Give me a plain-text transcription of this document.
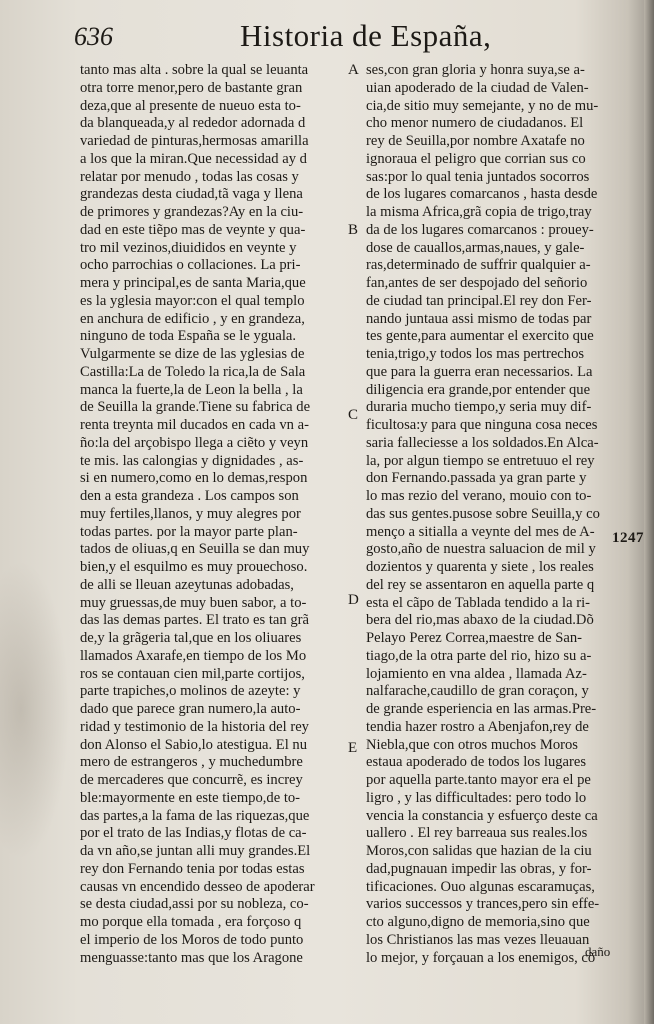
636	Historia de España,
tanto mas alta . sobre la qual se leuanta
otra torre menor,pero de bastante gran
deza,que al presente de nueuo esta to-
da blanqueada,y al rededor adornada d
variedad de pinturas,hermosas amarilla
a los que la miran.Que necessidad ay d
relatar por menudo , todas las cosas y
grandezas desta ciudad,tã vaga y llena
de primores y grandezas?Ay en la ciu-
dad en este tiẽpo mas de veynte y qua-
tro mil vezinos,diuididos en veynte y
ocho parrochias o collaciones. La pri-
mera y principal,es de santa Maria,que
es la yglesia mayor:con el qual templo
en anchura de edificio , y en grandeza,
ninguno de toda España se le yguala.
Vulgarmente se dize de las yglesias de
Castilla:La de Toledo la rica,la de Sala
manca la fuerte,la de Leon la bella , la
de Seuilla la grande.Tiene su fabrica de
renta treynta mil ducados en cada vn a-
ño:la del arçobispo llega a ciẽto y veyn
te mis. las calongias y dignidades , as-
si en numero,como en lo demas,respon
den a esta grandeza . Los campos son
muy fertiles,llanos, y muy alegres por
todas partes. por la mayor parte plan-
tados de oliuas,q en Seuilla se dan muy
bien,y el esquilmo es muy prouechoso.
de alli se lleuan azeytunas adobadas,
muy gruessas,de muy buen sabor, a to-
das las demas partes. El trato es tan grã
de,y la grãgeria tal,que en los oliuares
llamados Axarafe,en tiempo de los Mo
ros se contauan cien mil,parte cortijos,
parte trapiches,o molinos de azeyte: y
dado que parece gran numero,la auto-
ridad y testimonio de la historia del rey
don Alonso el Sabio,lo atestigua. El nu
mero de estrangeros , y muchedumbre
de mercaderes que concurrẽ, es increy
ble:mayormente en este tiempo,de to-
das partes,a la fama de las riquezas,que
por el trato de las Indias,y flotas de ca-
da vn año,se juntan alli muy grandes.El
rey don Fernando tenia por todas estas
causas vn encendido desseo de apoderar
se desta ciudad,assi por su nobleza, co-
mo porque ella tomada , era forçoso q
el imperio de los Moros de todo punto
menguasse:tanto mas que los Aragone
ses,con gran gloria y honra suya,se a-
uian apoderado de la ciudad de Valen-
cia,de sitio muy semejante, y no de mu-
cho menor numero de ciudadanos. El
rey de Seuilla,por nombre Axatafe no
ignoraua el peligro que corrian sus co
sas:por lo qual tenia juntados socorros
de los lugares comarcanos , hasta desde
la misma Africa,grã copia de trigo,tray
da de los lugares comarcanos : prouey-
dose de cauallos,armas,naues, y gale-
ras,determinado de suffrir qualquier a-
fan,antes de ser despojado del señorio
de ciudad tan principal.El rey don Fer-
nando juntaua assi mismo de todas par
tes gente,para aumentar el exercito que
tenia,trigo,y todos los mas pertrechos
que para la guerra eran necessarios. La
diligencia era grande,por entender que
duraria mucho tiempo,y seria muy dif-
ficultosa:y para que ninguna cosa neces
saria falleciesse a los soldados.En Alca-
la, por algun tiempo se entretuuo el rey
don Fernando.passada ya gran parte y
lo mas rezio del verano, mouio con to-
das sus gentes.pusose sobre Seuilla,y co
menço a sitialla a veynte del mes de A-
gosto,año de nuestra saluacion de mil y
dozientos y quarenta y siete , los reales
del rey se assentaron en aquella parte q
esta el cãpo de Tablada tendido a la ri-
bera del rio,mas abaxo de la ciudad.Dõ
Pelayo Perez Correa,maestre de San-
tiago,de la otra parte del rio, hizo su a-
lojamiento en vna aldea , llamada Az-
nalfarache,caudillo de gran coraçon, y
de grande esperiencia en las armas.Pre-
tendia hazer rostro a Abenjafon,rey de
Niebla,que con otros muchos Moros
estaua apoderado de todos los lugares
por aquella parte.tanto mayor era el pe
ligro , y las difficultades: pero todo lo
vencia la constancia y esfuerço deste ca
uallero . El rey barreaua sus reales.los
Moros,con salidas que hazian de la ciu
dad,pugnauan impedir las obras, y for-
tificaciones. Ouo algunas escaramuças,
varios successos y trances,pero sin effe-
cto alguno,digno de memoria,sino que
los Christianos las mas vezes lleuauan
lo mejor, y forçauan a los enemigos, cõ
A
B
C
D
E
1247
daño
